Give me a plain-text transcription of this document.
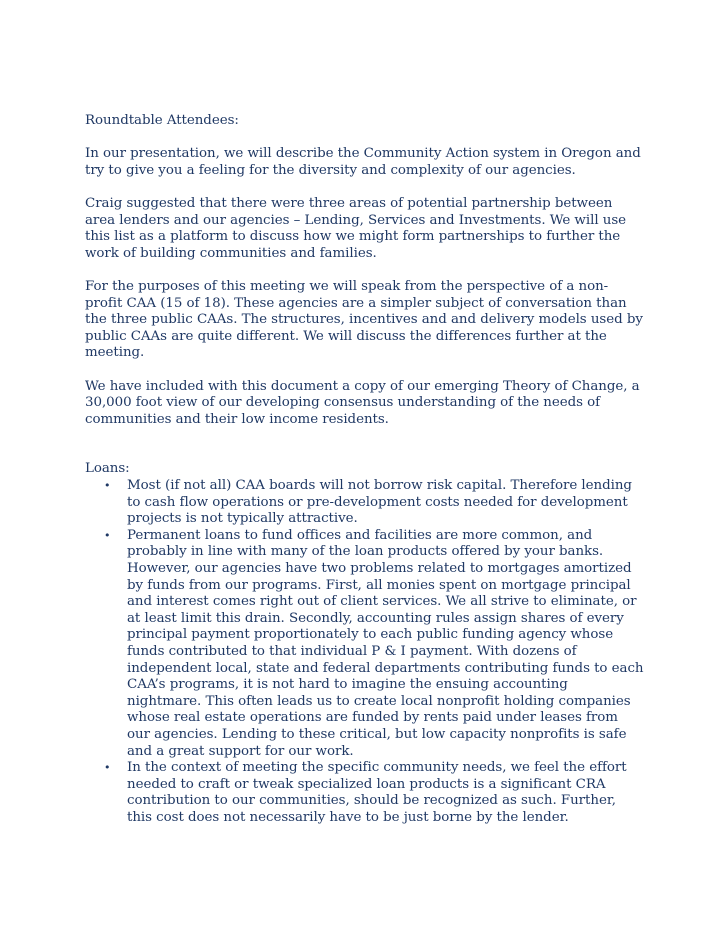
Roundtable Attendees:

In our presentation, we will describe the Community Action system in Oregon and try to give you a feeling for the diversity and complexity of our agencies.

Craig suggested that there were three areas of potential partnership between area lenders and our agencies – Lending, Services and Investments. We will use this list as a platform to discuss how we might form partnerships to further the work of building communities and families.

For the purposes of this meeting we will speak from the perspective of a non-profit CAA (15 of 18). These agencies are a simpler subject of conversation than the three public CAAs. The structures, incentives and and delivery models used by public CAAs are quite different. We will discuss the differences further at the meeting.

We have included with this document a copy of our emerging Theory of Change, a 30,000 foot view of our developing consensus understanding of the needs of communities and their low income residents.

Loans:

• Most (if not all) CAA boards will not borrow risk capital. Therefore lending to cash flow operations or pre-development costs needed for development projects is not typically attractive.
• Permanent loans to fund offices and facilities are more common, and probably in line with many of the loan products offered by your banks. However, our agencies have two problems related to mortgages amortized by funds from our programs. First, all monies spent on mortgage principal and interest comes right out of client services. We all strive to eliminate, or at least limit this drain. Secondly, accounting rules assign shares of every principal payment proportionately to each public funding agency whose funds contributed to that individual P & I payment. With dozens of independent local, state and federal departments contributing funds to each CAA’s programs, it is not hard to imagine the ensuing accounting nightmare. This often leads us to create local nonprofit holding companies whose real estate operations are funded by rents paid under leases from our agencies. Lending to these critical, but low capacity nonprofits is safe and a great support for our work.
• In the context of meeting the specific community needs, we feel the effort needed to craft or tweak specialized loan products is a significant CRA contribution to our communities, should be recognized as such. Further, this cost does not necessarily have to be just borne by the lender.
